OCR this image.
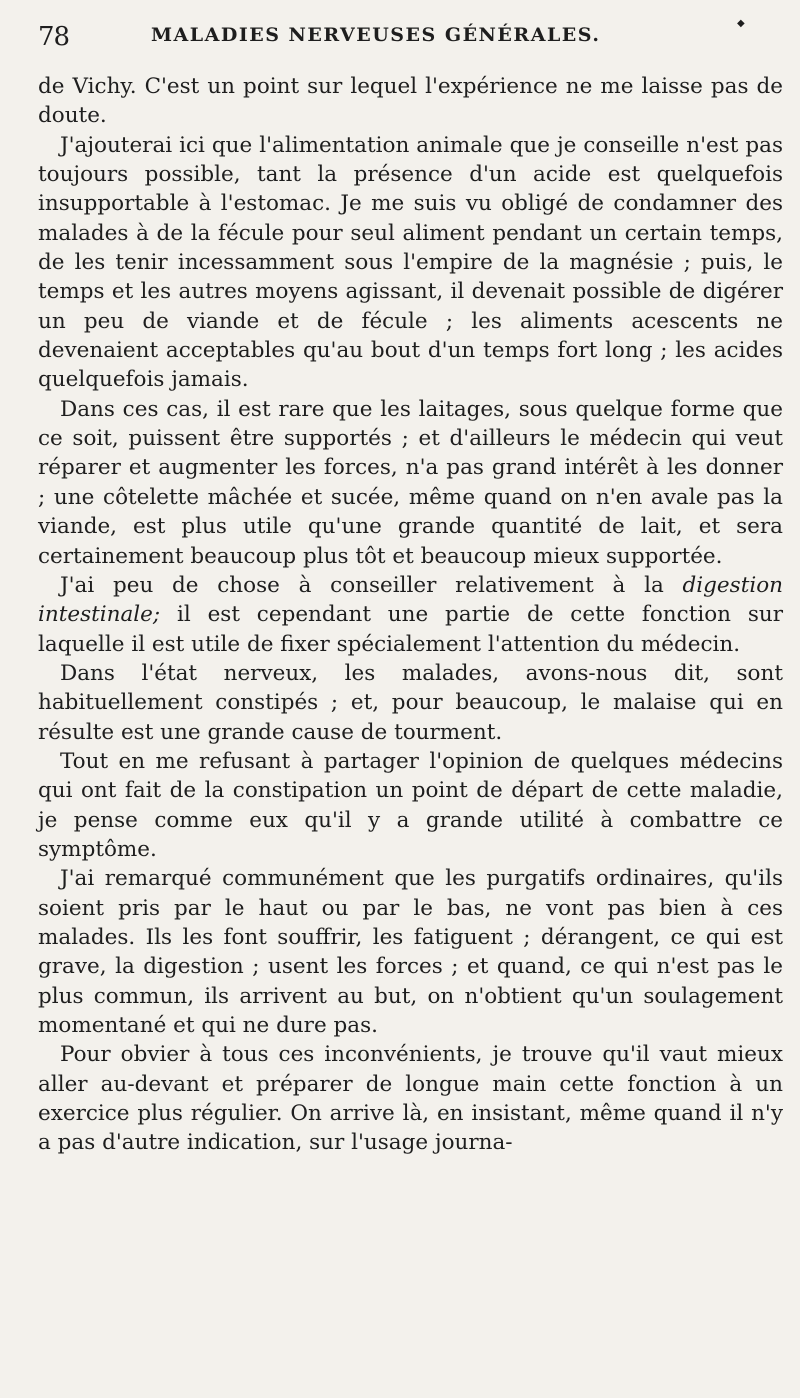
78	MALADIES NERVEUSES GÉNÉRALES.
◆

de Vichy. C'est un point sur lequel l'expérience ne me laisse pas de doute.

J'ajouterai ici que l'alimentation animale que je conseille n'est pas toujours possible, tant la présence d'un acide est quelquefois insupportable à l'estomac. Je me suis vu obligé de condamner des malades à de la fécule pour seul aliment pendant un certain temps, de les tenir incessamment sous l'empire de la magnésie ; puis, le temps et les autres moyens agissant, il devenait possible de digérer un peu de viande et de fécule ; les aliments acescents ne devenaient acceptables qu'au bout d'un temps fort long ; les acides quelquefois jamais.

Dans ces cas, il est rare que les laitages, sous quelque forme que ce soit, puissent être supportés ; et d'ailleurs le médecin qui veut réparer et augmenter les forces, n'a pas grand intérêt à les donner ; une côtelette mâchée et sucée, même quand on n'en avale pas la viande, est plus utile qu'une grande quantité de lait, et sera certainement beaucoup plus tôt et beaucoup mieux supportée.

J'ai peu de chose à conseiller relativement à la digestion intestinale; il est cependant une partie de cette fonction sur laquelle il est utile de fixer spécialement l'attention du médecin.

Dans l'état nerveux, les malades, avons-nous dit, sont habituellement constipés ; et, pour beaucoup, le malaise qui en résulte est une grande cause de tourment.

Tout en me refusant à partager l'opinion de quelques médecins qui ont fait de la constipation un point de départ de cette maladie, je pense comme eux qu'il y a grande utilité à combattre ce symptôme.

J'ai remarqué communément que les purgatifs ordinaires, qu'ils soient pris par le haut ou par le bas, ne vont pas bien à ces malades. Ils les font souffrir, les fatiguent ; dérangent, ce qui est grave, la digestion ; usent les forces ; et quand, ce qui n'est pas le plus commun, ils arrivent au but, on n'obtient qu'un soulagement momentané et qui ne dure pas.

Pour obvier à tous ces inconvénients, je trouve qu'il vaut mieux aller au-devant et préparer de longue main cette fonction à un exercice plus régulier. On arrive là, en insistant, même quand il n'y a pas d'autre indication, sur l'usage journa-
